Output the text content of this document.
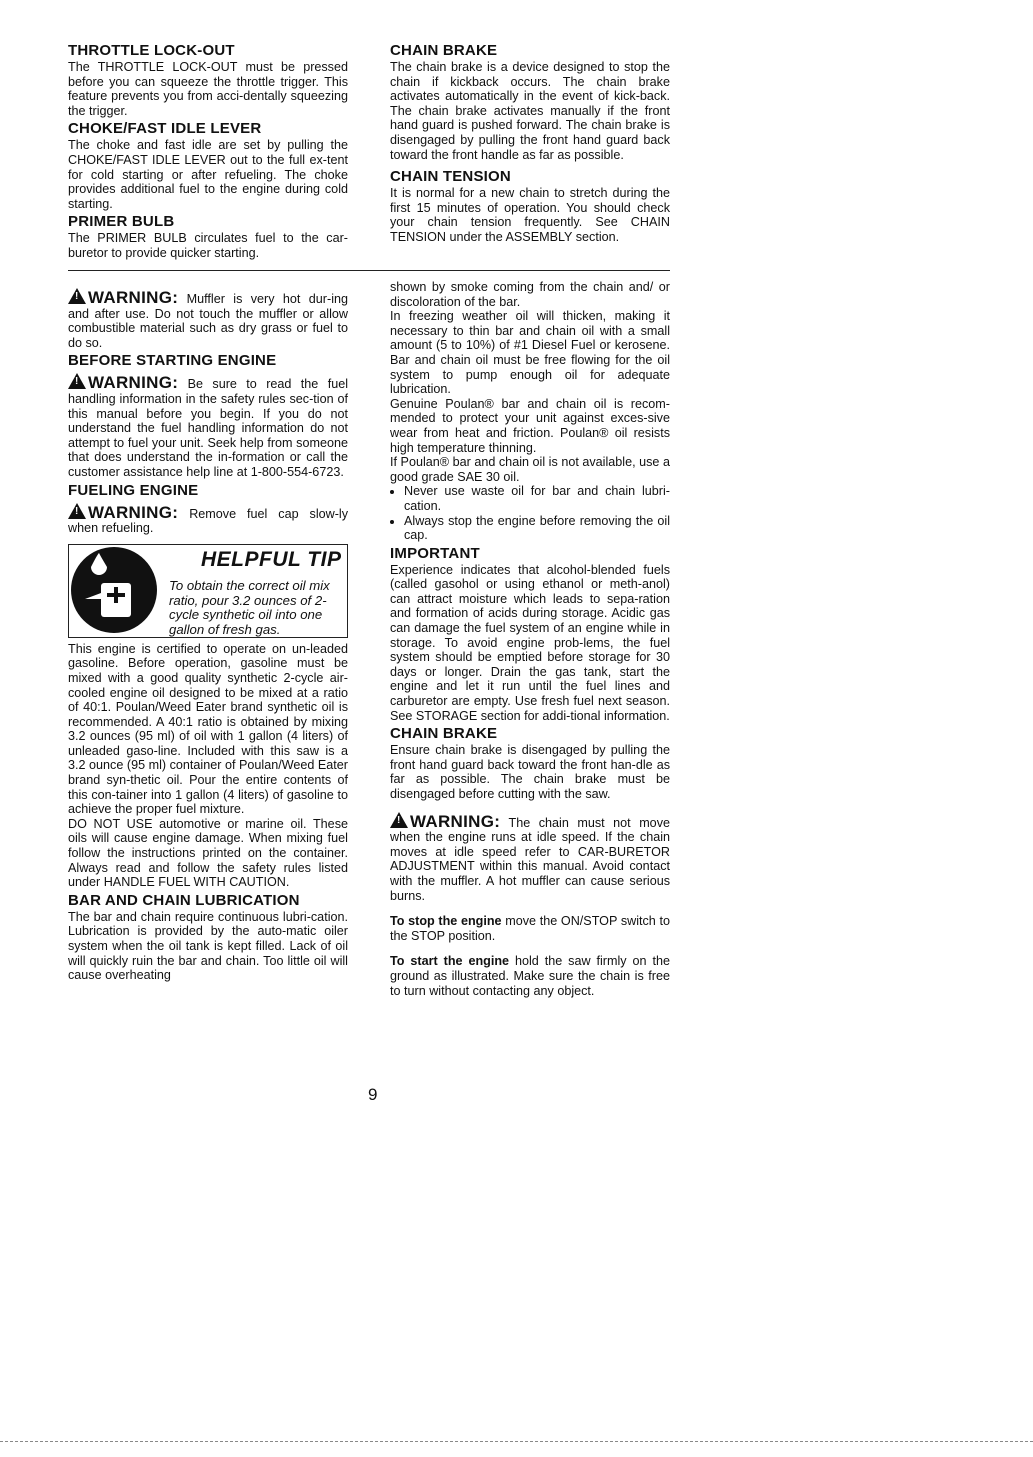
THROTTLE LOCK-OUT

The THROTTLE LOCK-OUT must be pressed before you can squeeze the throttle trigger. This feature prevents you from acci-dentally squeezing the trigger.

CHOKE/FAST IDLE LEVER

The choke and fast idle are set by pulling the CHOKE/FAST IDLE LEVER out to the full ex-tent for cold starting or after refueling. The choke provides additional fuel to the engine during cold starting.

PRIMER BULB

The PRIMER BULB circulates fuel to the car-buretor to provide quicker starting.

CHAIN BRAKE

The chain brake is a device designed to stop the chain if kickback occurs. The chain brake activates automatically in the event of kick-back. The chain brake activates manually if the front hand guard is pushed forward. The chain brake is disengaged by pulling the front hand guard back toward the front handle as far as possible.

CHAIN TENSION

It is normal for a new chain to stretch during the first 15 minutes of operation. You should check your chain tension frequently. See CHAIN TENSION under the ASSEMBLY section.

!WARNING: Muffler is very hot dur-ing and after use. Do not touch the muffler or allow combustible material such as dry grass or fuel to do so.

BEFORE STARTING ENGINE

!WARNING: Be sure to read the fuel handling information in the safety rules sec-tion of this manual before you begin. If you do not understand the fuel handling information do not attempt to fuel your unit. Seek help from someone that does understand the in-formation or call the customer assistance help line at 1-800-554-6723.

FUELING ENGINE

!WARNING: Remove fuel cap slow-ly when refueling.

HELPFUL TIP
To obtain the correct oil mix ratio, pour 3.2 ounces of 2-cycle synthetic oil into one gallon of fresh gas.

This engine is certified to operate on un-leaded gasoline. Before operation, gasoline must be mixed with a good quality synthetic 2-cycle air-cooled engine oil designed to be mixed at a ratio of 40:1. Poulan/Weed Eater brand synthetic oil is recommended. A 40:1 ratio is obtained by mixing 3.2 ounces (95 ml) of oil with 1 gallon (4 liters) of unleaded gaso-line. Included with this saw is a 3.2 ounce (95 ml) container of Poulan/Weed Eater brand syn-thetic oil. Pour the entire contents of this con-tainer into 1 gallon (4 liters) of gasoline to achieve the proper fuel mixture.

DO NOT USE automotive or marine oil. These oils will cause engine damage. When mixing fuel follow the instructions printed on the container. Always read and follow the safety rules listed under HANDLE FUEL WITH CAUTION.

BAR AND CHAIN LUBRICATION

The bar and chain require continuous lubri-cation. Lubrication is provided by the auto-matic oiler system when the oil tank is kept filled. Lack of oil will quickly ruin the bar and chain. Too little oil will cause overheating

shown by smoke coming from the chain and/ or discoloration of the bar.

In freezing weather oil will thicken, making it necessary to thin bar and chain oil with a small amount (5 to 10%) of #1 Diesel Fuel or kerosene. Bar and chain oil must be free flowing for the oil system to pump enough oil for adequate lubrication.

Genuine Poulan® bar and chain oil is recom-mended to protect your unit against exces-sive wear from heat and friction. Poulan® oil resists high temperature thinning.

If Poulan® bar and chain oil is not available, use a good grade SAE 30 oil.

• Never use waste oil for bar and chain lubri-cation.
• Always stop the engine before removing the oil cap.
IMPORTANT

Experience indicates that alcohol-blended fuels (called gasohol or using ethanol or meth-anol) can attract moisture which leads to sepa-ration and formation of acids during storage. Acidic gas can damage the fuel system of an engine while in storage. To avoid engine prob-lems, the fuel system should be emptied before storage for 30 days or longer. Drain the gas tank, start the engine and let it run until the fuel lines and carburetor are empty. Use fresh fuel next season. See STORAGE section for addi-tional information.

CHAIN BRAKE

Ensure chain brake is disengaged by pulling the front hand guard back toward the front han-dle as far as possible. The chain brake must be disengaged before cutting with the saw.

!WARNING: The chain must not move when the engine runs at idle speed. If the chain moves at idle speed refer to CAR-BURETOR ADJUSTMENT within this manual. Avoid contact with the muffler. A hot muffler can cause serious burns.

To stop the engine move the ON/STOP switch to the STOP position.

To start the engine hold the saw firmly on the ground as illustrated. Make sure the chain is free to turn without contacting any object.

9
